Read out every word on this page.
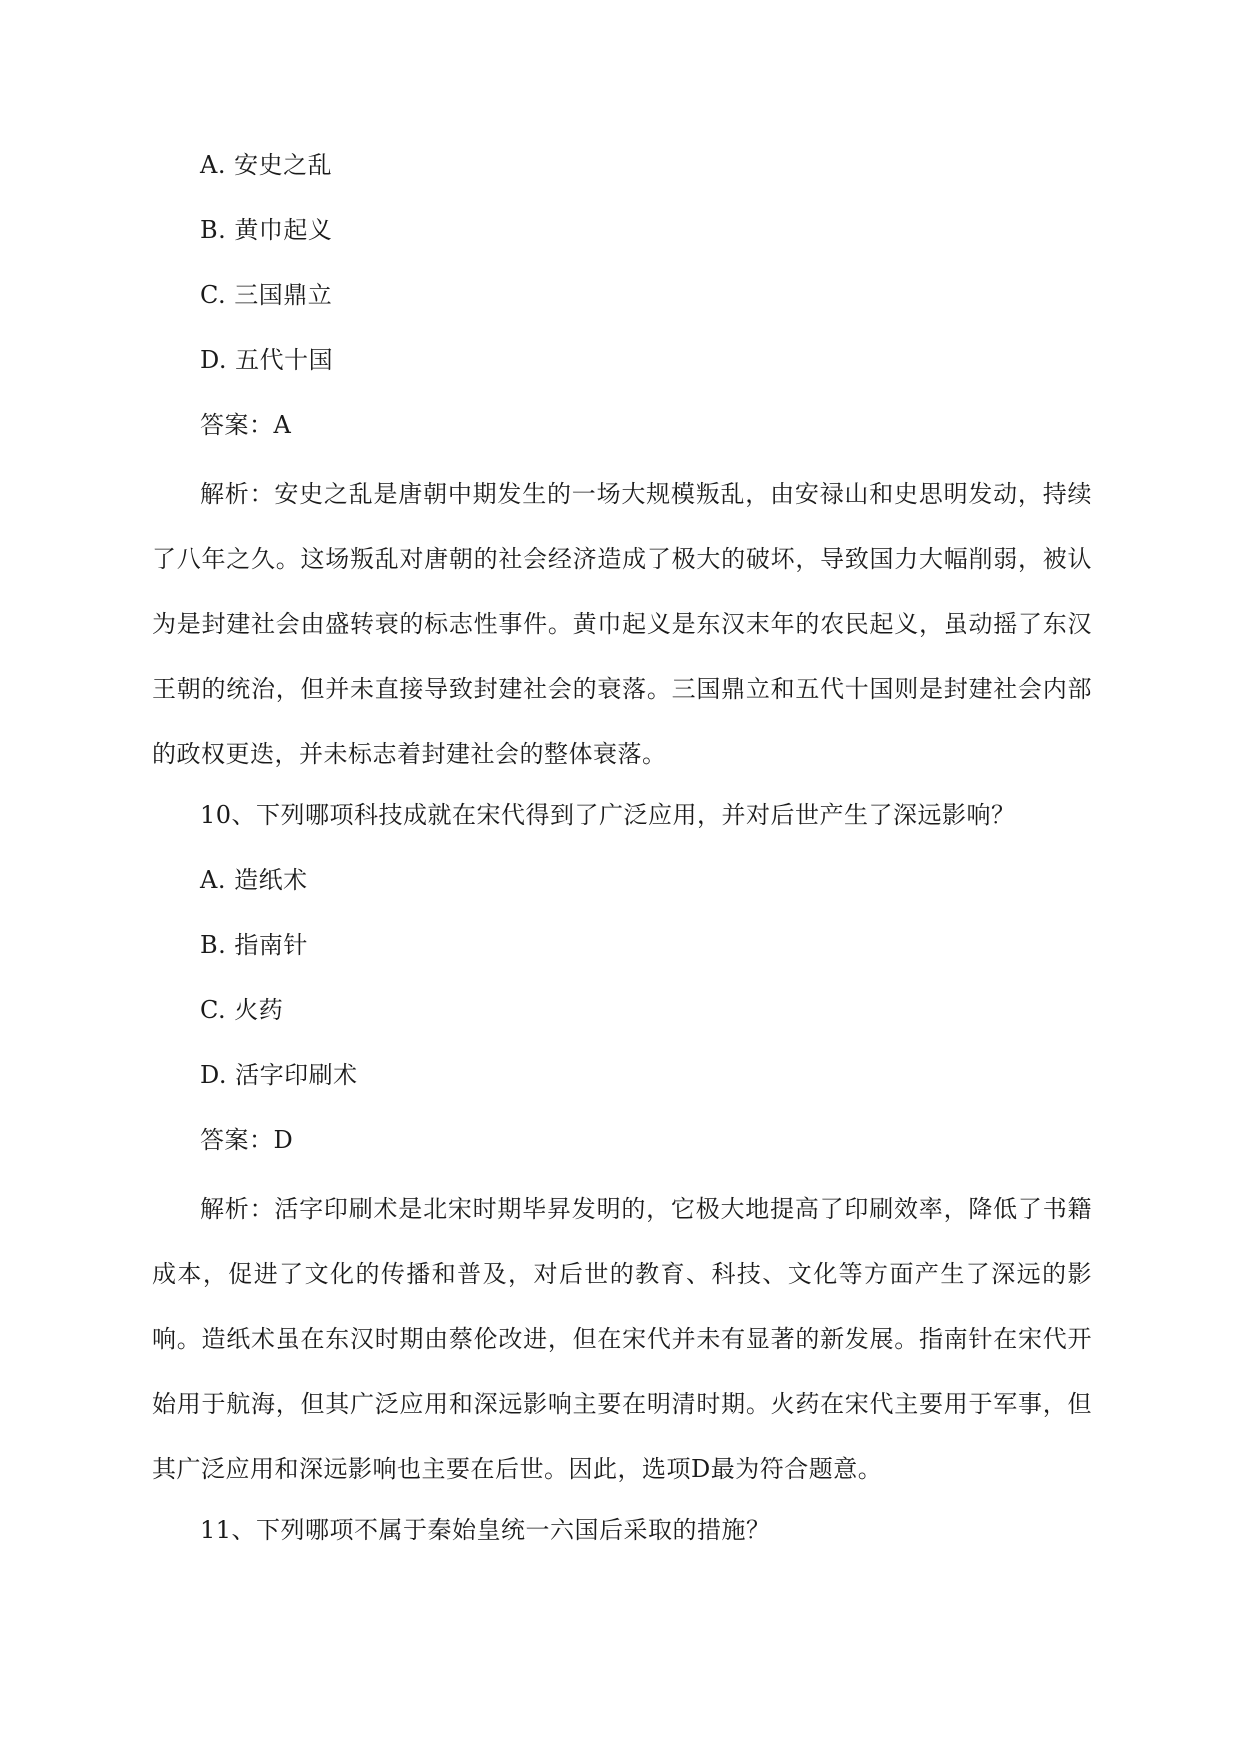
A. 安史之乱
B. 黄巾起义
C. 三国鼎立
D. 五代十国
答案：A
解析：安史之乱是唐朝中期发生的一场大规模叛乱，由安禄山和史思明发动，持续了八年之久。这场叛乱对唐朝的社会经济造成了极大的破坏，导致国力大幅削弱，被认为是封建社会由盛转衰的标志性事件。黄巾起义是东汉末年的农民起义，虽动摇了东汉王朝的统治，但并未直接导致封建社会的衰落。三国鼎立和五代十国则是封建社会内部的政权更迭，并未标志着封建社会的整体衰落。
10、下列哪项科技成就在宋代得到了广泛应用，并对后世产生了深远影响？
A. 造纸术
B. 指南针
C. 火药
D. 活字印刷术
答案：D
解析：活字印刷术是北宋时期毕昇发明的，它极大地提高了印刷效率，降低了书籍成本，促进了文化的传播和普及，对后世的教育、科技、文化等方面产生了深远的影响。造纸术虽在东汉时期由蔡伦改进，但在宋代并未有显著的新发展。指南针在宋代开始用于航海，但其广泛应用和深远影响主要在明清时期。火药在宋代主要用于军事，但其广泛应用和深远影响也主要在后世。因此，选项D最为符合题意。
11、下列哪项不属于秦始皇统一六国后采取的措施？
